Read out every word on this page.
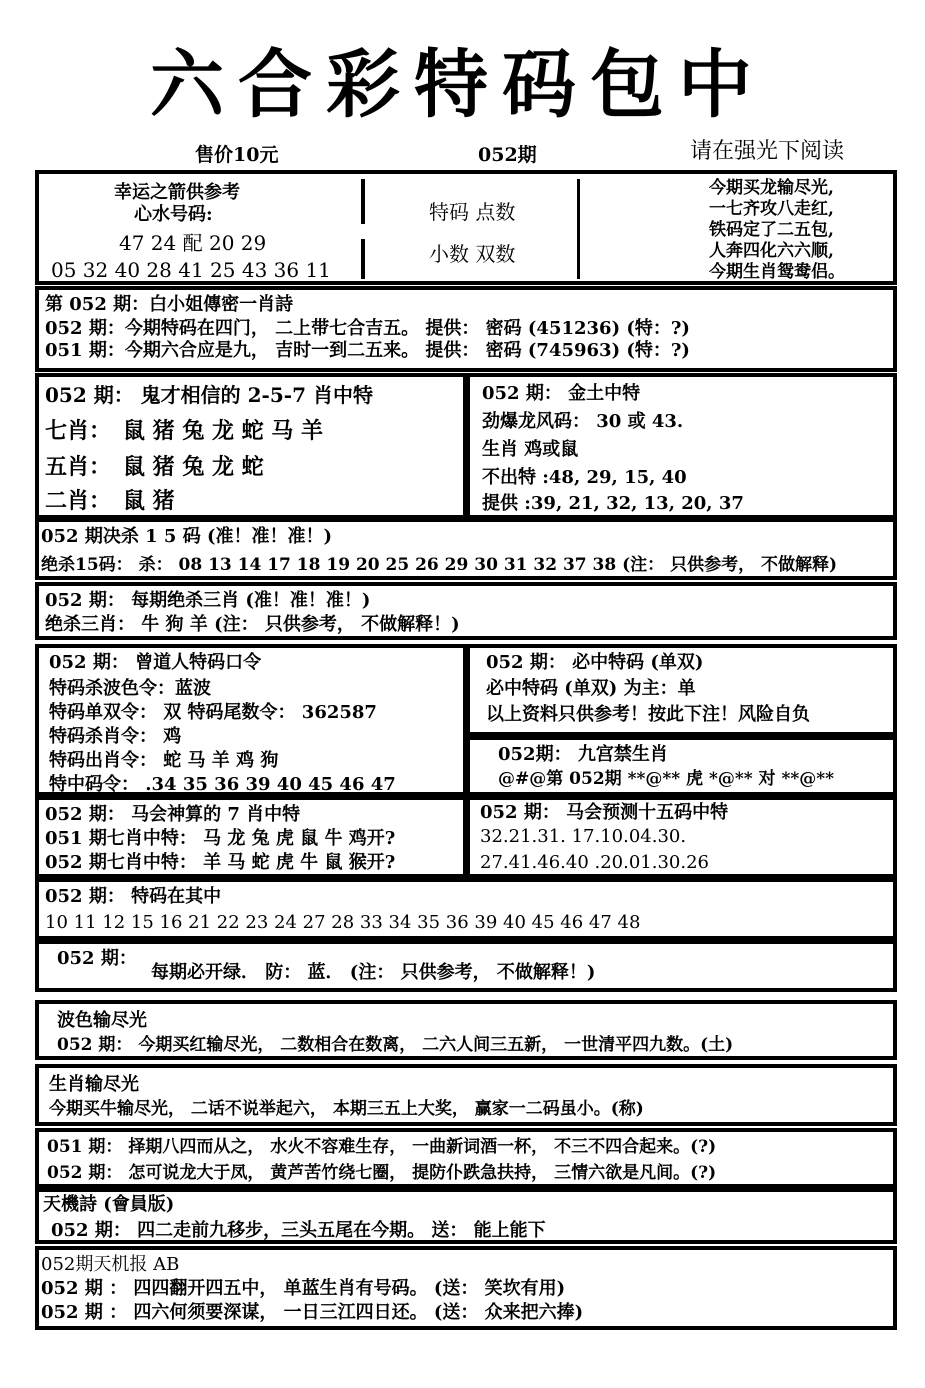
六合彩特码包中
售价10元	052期	请在强光下阅读
幸运之箭供参考
心水号码:
47 24 配 20 29
05 32 40 28 41 25 43 36 11
特码 点数
小数 双数
今期买龙输尽光,
一七齐攻八走红,
铁码定了二五包,
人奔四化六六顺,
今期生肖鸳鸯侣。
第 052 期：白小姐傳密一肖詩
052 期：今期特码在四门， 二上带七合吉五。 提供： 密码 (451236) (特：?)
051 期：今期六合应是九， 吉时一到二五来。 提供： 密码 (745963) (特：?)
052 期： 鬼才相信的 2-5-7 肖中特
七肖： 鼠 猪 兔 龙 蛇 马 羊
五肖： 鼠 猪 兔 龙 蛇
二肖： 鼠 猪
052 期： 金土中特
劲爆龙风码： 30 或 43.
生肖 鸡或鼠
不出特 :48, 29, 15, 40
提供 :39, 21, 32, 13, 20, 37
052 期决杀 1 5 码 (准！准！准！)
绝杀15码： 杀： 08 13 14 17 18 19 20 25 26 29 30 31 32 37 38 (注： 只供参考， 不做解释)
052 期： 每期绝杀三肖 (准！准！准！)
绝杀三肖： 牛 狗 羊 (注： 只供参考， 不做解释！)
052 期： 曾道人特码口令
特码杀波色令：蓝波
特码单双令： 双 特码尾数令： 362587
特码杀肖令： 鸡
特码出肖令： 蛇 马 羊 鸡 狗
特中码令： .34 35 36 39 40 45 46 47
052 期： 必中特码 (单双)
必中特码 (单双) 为主：单
以上资料只供参考！按此下注！风险自负
052期： 九宫禁生肖
@#@第 052期 **@** 虎 *@** 对 **@**
052 期： 马会神算的 7 肖中特
051 期七肖中特： 马 龙 兔 虎 鼠 牛 鸡开?
052 期七肖中特： 羊 马 蛇 虎 牛 鼠 猴开?
052 期： 马会预测十五码中特
32.21.31. 17.10.04.30.
27.41.46.40 .20.01.30.26
052 期： 特码在其中
10 11 12 15 16 21 22 23 24 27 28 33 34 35 36 39 40 45 46 47 48
052 期：
每期必开绿． 防： 蓝． (注： 只供参考， 不做解释！)
波色输尽光
052 期： 今期买红输尽光， 二数相合在数离， 二六人间三五新， 一世清平四九数。(土)
生肖输尽光
今期买牛输尽光， 二话不说举起六， 本期三五上大奖， 赢家一二码虽小。(称)
051 期： 择期八四而从之， 水火不容难生存， 一曲新词酒一杯， 不三不四合起来。(?)
052 期： 怎可说龙大于凤， 黄芦苦竹绕七圈， 提防仆跌急扶持， 三情六欲是凡间。(?)
天機詩 (會員版)
052 期： 四二走前九移步，三头五尾在今期。 送： 能上能下
052期天机报 AB
052 期 ： 四四翻开四五中， 单蓝生肖有号码。 (送： 笑坎有用)
052 期 ： 四六何须要深谋， 一日三江四日还。 (送： 众来把六捧)
